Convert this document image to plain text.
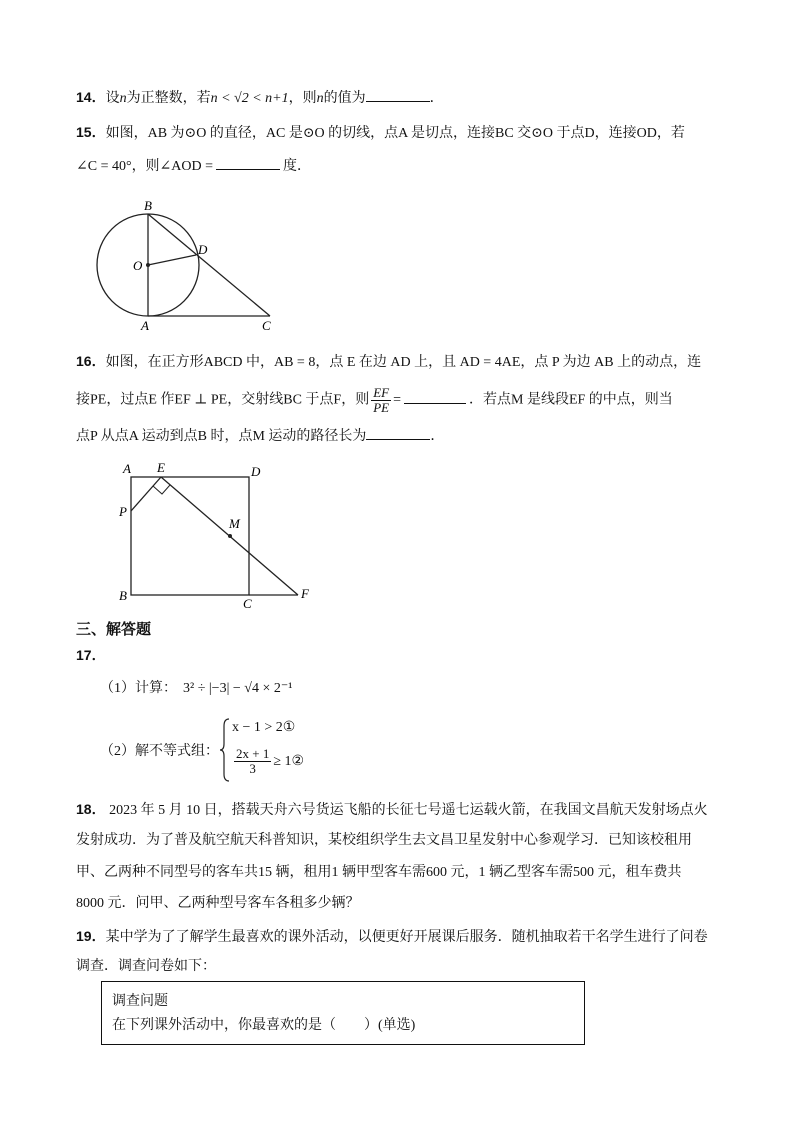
14．设n为正整数，若n < √2 < n+1，则n的值为	．
15．如图，AB 为⊙O 的直径，AC 是⊙O 的切线，点A 是切点，连接BC 交⊙O 于点D，连接OD，若
∠C = 40°，则∠AOD =	度．
B
O
D
A	C
16．如图，在正方形ABCD 中，AB = 8，点 E 在边 AD 上，且 AD = 4AE，点 P 为边 AB 上的动点，连
接PE，过点E 作EF ⊥ PE，交射线BC 于点F，则 $\frac{EF}{PE}$ =	．若点M 是线段EF 的中点，则当
点P 从点A 运动到点B 时，点M 运动的路径长为	．
A E	D
P
M
B
C
F
三、解答题
17．
（1）计算： 3² ÷ |−3| − √4 × 2⁻¹
（2）解不等式组：
x − 1 > 2①
$\frac{2x + 1}{3}$ ≥ 1②
18． 2023 年 5 月 10 日，搭载天舟六号货运飞船的长征七号遥七运载火箭，在我国文昌航天发射场点火
发射成功．为了普及航空航天科普知识，某校组织学生去文昌卫星发射中心参观学习．已知该校租用
甲、乙两种不同型号的客车共15 辆，租用1 辆甲型客车需600 元，1 辆乙型客车需500 元，租车费共
8000 元．问甲、乙两种型号客车各租多少辆？
19．某中学为了了解学生最喜欢的课外活动，以便更好开展课后服务．随机抽取若干名学生进行了问卷
调查．调查问卷如下：
调查问题
在下列课外活动中，你最喜欢的是（　　）(单选)
